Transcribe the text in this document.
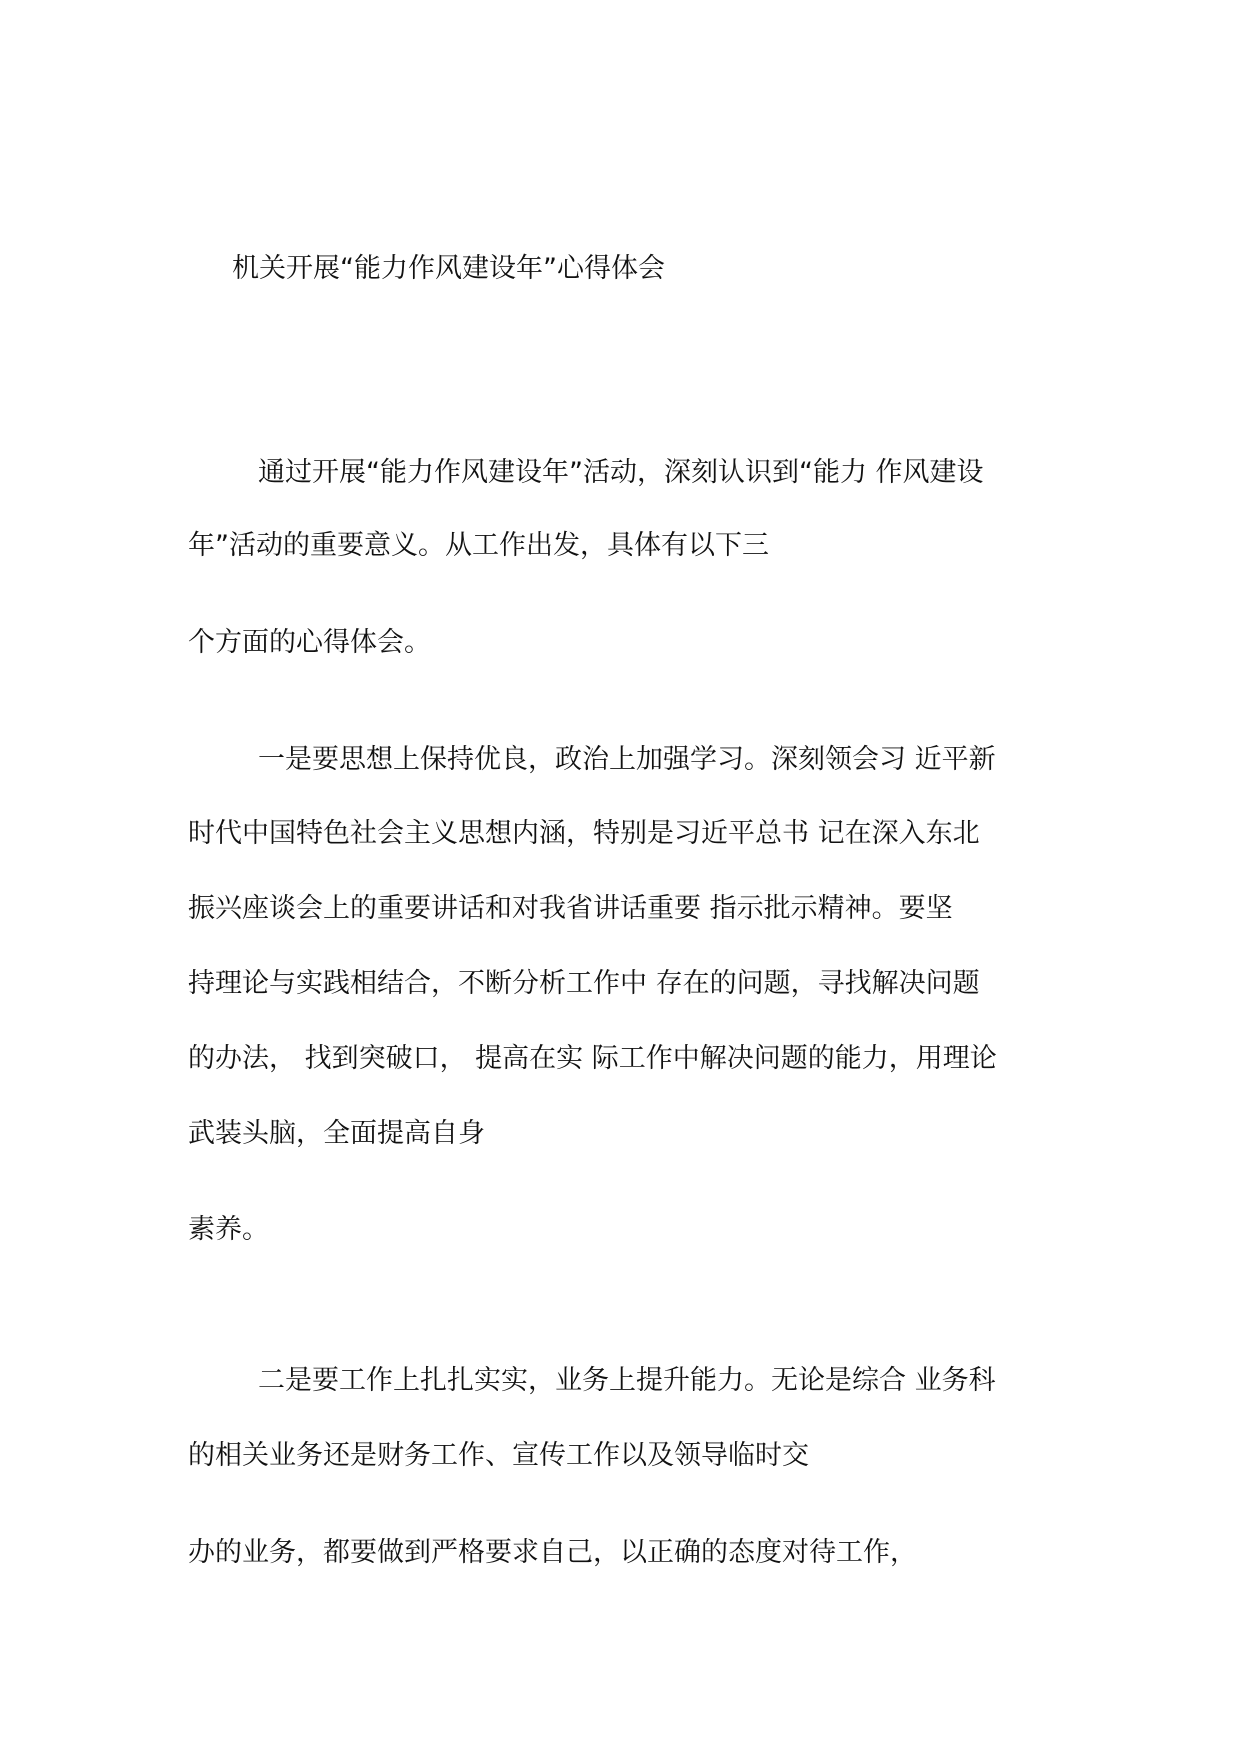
机关开展“能力作风建设年”心得体会
通过开展“能力作风建设年”活动，深刻认识到“能力 作风建设
年”活动的重要意义。从工作出发，具体有以下三
个方面的心得体会。
一是要思想上保持优良，政治上加强学习。深刻领会习 近平新
时代中国特色社会主义思想内涵，特别是习近平总书 记在深入东北
振兴座谈会上的重要讲话和对我省讲话重要 指示批示精神。要坚
持理论与实践相结合，不断分析工作中 存在的问题，寻找解决问题
的办法， 找到突破口， 提高在实 际工作中解决问题的能力，用理论
武装头脑，全面提高自身
素养。
二是要工作上扎扎实实，业务上提升能力。无论是综合 业务科
的相关业务还是财务工作、宣传工作以及领导临时交
办的业务，都要做到严格要求自己，以正确的态度对待工作，
